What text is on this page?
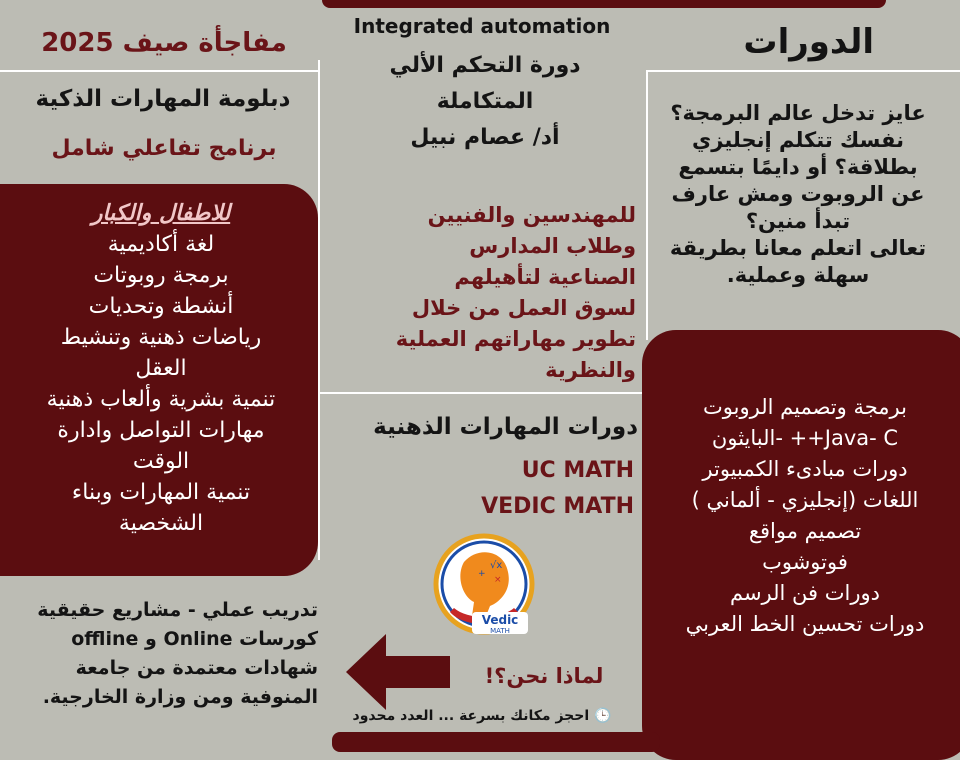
الدورات
عايز تدخل عالم البرمجة؟
نفسك تتكلم إنجليزي
بطلاقة؟ أو دايمًا بتسمع
عن الروبوت ومش عارف
تبدأ منين؟
تعالى اتعلم معانا بطريقة
سهلة وعملية.
برمجة وتصميم الروبوت
البايثون- ++Java- C
دورات مبادىء الكمبيوتر
اللغات (إنجليزي - ألماني )
تصميم مواقع
فوتوشوب
دورات فن الرسم
دورات تحسين الخط العربي
مفاجأة صيف 2025
دبلومة المهارات الذكية
برنامج تفاعلي شامل
للاطفال والكبار
لغة أكاديمية
برمجة روبوتات
أنشطة وتحديات
رياضات ذهنية وتنشيط
العقل
تنمية بشرية وألعاب ذهنية
مهارات التواصل وادارة
الوقت
تنمية المهارات وبناء
الشخصية
Integrated automation
دورة التحكم الألي
المتكاملة
أد/ عصام نبيل
للمهندسين والفنيين
وطلاب المدارس
الصناعية لتأهيلهم
لسوق العمل من خلال
تطوير مهاراتهم العملية
والنظرية
دورات المهارات الذهنية
UC MATH
VEDIC MATH
√x
×
+
Vedic
MATH
تدريب عملي - مشاريع حقيقية
كورسات Online و offline
شهادات معتمدة من جامعة
المنوفية ومن وزارة الخارجية.
لماذا نحن؟!
🕒 احجز مكانك بسرعة ... العدد محدود
